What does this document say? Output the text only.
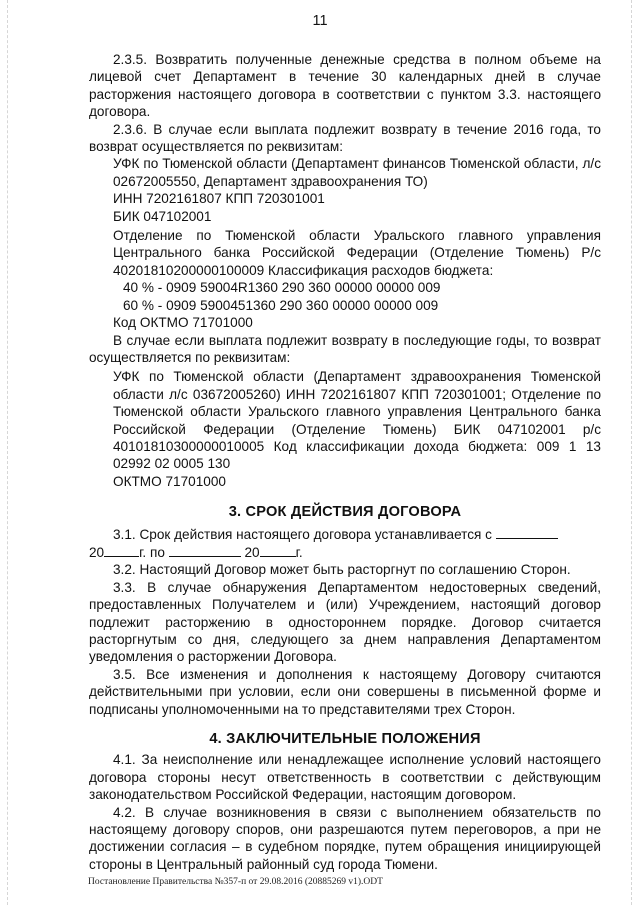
11

2.3.5. Возвратить полученные денежные средства в полном объеме на лицевой счет Департамент в течение 30 календарных дней в случае расторжения настоящего договора в соответствии с пунктом 3.3. настоящего договора.

2.3.6. В случае если выплата подлежит возврату в течение 2016 года, то возврат осуществляется по реквизитам:

УФК по Тюменской области (Департамент финансов Тюменской области, л/с 02672005550, Департамент здравоохранения ТО)

ИНН 7202161807 КПП 720301001

БИК 047102001

Отделение по Тюменской области Уральского главного управления Центрального банка Российской Федерации (Отделение Тюмень) Р/с 40201810200000100009 Классификация расходов бюджета:

40 % - 0909 59004R1360 290 360 00000 00000 009

60 % - 0909 5900451360 290 360 00000 00000 009

Код ОКТМО 71701000

В случае если выплата подлежит возврату в последующие годы, то возврат осуществляется по реквизитам:

УФК по Тюменской области (Департамент здравоохранения Тюменской области л/с 03672005260) ИНН 7202161807 КПП 720301001; Отделение по Тюменской области Уральского главного управления Центрального банка Российской Федерации (Отделение Тюмень) БИК 047102001 р/с 40101810300000010005 Код классификации дохода бюджета: 009 1 13 02992 02 0005 130

ОКТМО 71701000

3. СРОК ДЕЙСТВИЯ ДОГОВОРА

3.1. Срок действия настоящего договора устанавливается с
20	г. по	20	г.

3.2. Настоящий Договор может быть расторгнут по соглашению Сторон.

3.3. В случае обнаружения Департаментом недостоверных сведений, предоставленных Получателем и (или) Учреждением, настоящий договор подлежит расторжению в одностороннем порядке. Договор считается расторгнутым со дня, следующего за днем направления Департаментом уведомления о расторжении Договора.

3.5. Все изменения и дополнения к настоящему Договору считаются действительными при условии, если они совершены в письменной форме и подписаны уполномоченными на то представителями трех Сторон.

4. ЗАКЛЮЧИТЕЛЬНЫЕ ПОЛОЖЕНИЯ

4.1. За неисполнение или ненадлежащее исполнение условий настоящего договора стороны несут ответственность в соответствии с действующим законодательством Российской Федерации, настоящим договором.

4.2. В случае возникновения в связи с выполнением обязательств по настоящему договору споров, они разрешаются путем переговоров, а при не достижении согласия – в судебном порядке, путем обращения инициирующей стороны в Центральный районный суд города Тюмени.

Постановление Правительства №357-п от 29.08.2016 (20885269 v1).ODT
